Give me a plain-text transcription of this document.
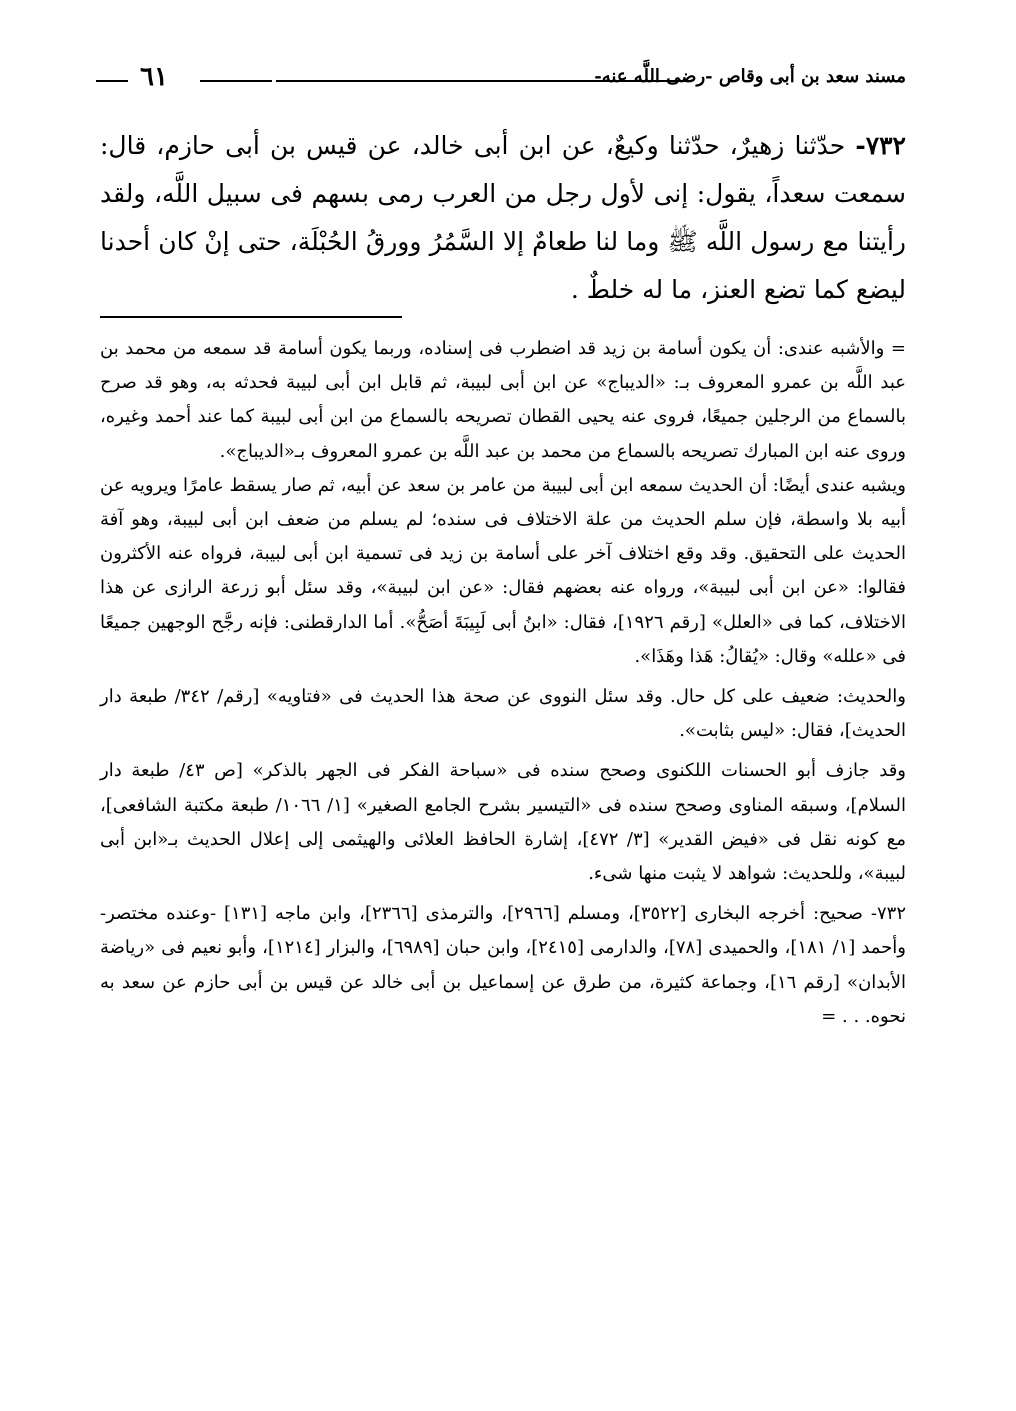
٦١	مسند سعد بن أبى وقاص -رضى اللَّه عنه-
٧٣٢- حدّثنا زهيرٌ، حدّثنا وكيعٌ، عن ابن أبى خالد، عن قيس بن أبى حازم، قال: سمعت سعداً، يقول: إنى لأول رجل من العرب رمى بسهم فى سبيل اللَّه، ولقد رأيتنا مع رسول اللَّه ﷺ وما لنا طعامٌ إلا السَّمُرُ وورقُ الحُبْلَة، حتى إنْ كان أحدنا ليضع كما تضع العنز، ما له خلطٌ .

= والأشبه عندى: أن يكون أسامة بن زيد قد اضطرب فى إسناده، وربما يكون أسامة قد سمعه من محمد بن عبد اللَّه بن عمرو المعروف بـ: «الديباج» عن ابن أبى لبيبة، ثم قابل ابن أبى لبيبة فحدثه به، وهو قد صرح بالسماع من الرجلين جميعًا، فروى عنه يحيى القطان تصريحه بالسماع من ابن أبى لبيبة كما عند أحمد وغيره، وروى عنه ابن المبارك تصريحه بالسماع من محمد بن عبد اللَّه بن عمرو المعروف بـ«الديباج».

ويشبه عندى أيضًا: أن الحديث سمعه ابن أبى لبيبة من عامر بن سعد عن أبيه، ثم صار يسقط عامرًا ويرويه عن أبيه بلا واسطة، فإن سلم الحديث من علة الاختلاف فى سنده؛ لم يسلم من ضعف ابن أبى لبيبة، وهو آفة الحديث على التحقيق. وقد وقع اختلاف آخر على أسامة بن زيد فى تسمية ابن أبى لبيبة، فرواه عنه الأكثرون فقالوا: «عن ابن أبى لبيبة»، ورواه عنه بعضهم فقال: «عن ابن لبيبة»، وقد سئل أبو زرعة الرازى عن هذا الاختلاف، كما فى «العلل» [رقم ١٩٢٦]، فقال: «ابنُ أبى لَبِيبَةَ أصَحُّ». أما الدارقطنى: فإنه رجَّح الوجهين جميعًا فى «علله» وقال: «يُقالُ: هَذا وهَذَا».

والحديث: ضعيف على كل حال. وقد سئل النووى عن صحة هذا الحديث فى «فتاويه» [رقم/ ٣٤٢/ طبعة دار الحديث]، فقال: «ليس بثابت».

وقد جازف أبو الحسنات اللكنوى وصحح سنده فى «سباحة الفكر فى الجهر بالذكر» [ص ٤٣/ طبعة دار السلام]، وسبقه المناوى وصحح سنده فى «التيسير بشرح الجامع الصغير» [١/ ١٠٦٦/ طبعة مكتبة الشافعى]، مع كونه نقل فى «فيض القدير» [٣/ ٤٧٢]، إشارة الحافظ العلائى والهيثمى إلى إعلال الحديث بـ«ابن أبى لبيبة»، وللحديث: شواهد لا يثبت منها شىء.

٧٣٢- صحيح: أخرجه البخارى [٣٥٢٢]، ومسلم [٢٩٦٦]، والترمذى [٢٣٦٦]، وابن ماجه [١٣١] -وعنده مختصر- وأحمد [١/ ١٨١]، والحميدى [٧٨]، والدارمى [٢٤١٥]، وابن حبان [٦٩٨٩]، والبزار [١٢١٤]، وأبو نعيم فى «رياضة الأبدان» [رقم ١٦]، وجماعة كثيرة، من طرق عن إسماعيل بن أبى خالد عن قيس بن أبى حازم عن سعد به نحوه. . . =
